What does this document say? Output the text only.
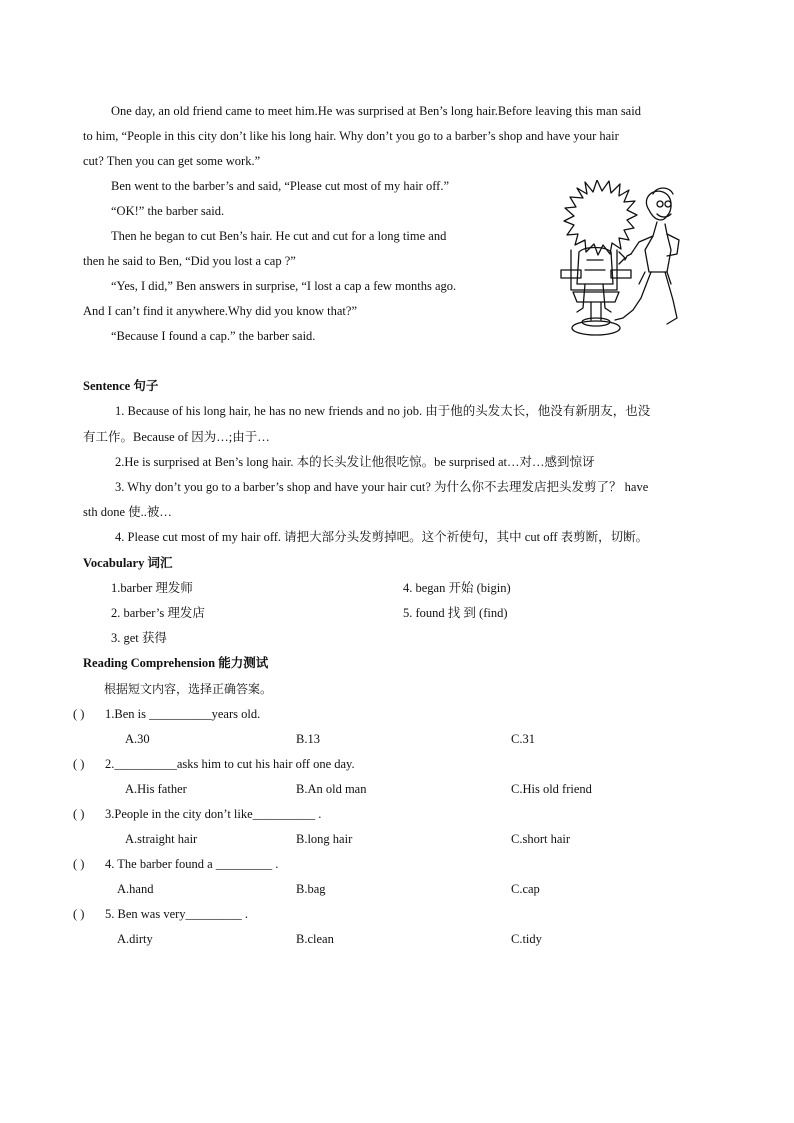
One day, an old friend came to meet him.He was surprised at Ben’s long hair.Before leaving this man said
to him, “People in this city don’t like his long hair. Why don’t you go to a barber’s shop and have your hair
cut? Then you can get some work.”
Ben went to the barber’s and said, “Please cut most of my hair off.”
“OK!” the barber said.
Then he began to cut Ben’s hair. He cut and cut for a long time and
then he said to Ben, “Did you lost a cap ?”
“Yes, I did,” Ben answers in surprise, “I lost a cap a few months ago.
And I can’t find it anywhere.Why did you know that?”
“Because I found a cap.” the barber said.
Sentence 句子
1. Because of his long hair, he has no new friends and no job. 由于他的头发太长，他没有新朋友，也没
有工作。Because of 因为…;由于…
2.He is surprised at Ben’s long hair. 本的长头发让他很吃惊。be surprised at…对…感到惊讶
3. Why don’t you go to a barber’s shop and have your hair cut? 为什么你不去理发店把头发剪了？ have
sth done 使..被…
4. Please cut most of my hair off. 请把大部分头发剪掉吧。这个祈使句，其中 cut off 表剪断，切断。
Vocabulary 词汇
1.barber 理发师
2. barber’s 理发店
3. get 获得
4. began 开始 (bigin)
5. found 找 到 (find)
Reading Comprehension 能力测试
根据短文内容，选择正确答案。
( ) 1.Ben is __________years old.
A.30	B.13	C.31
( ) 2.__________asks him to cut his hair off one day.
A.His father	B.An old man	C.His old friend
( ) 3.People in the city don’t like__________ .
A.straight hair	B.long hair	C.short hair
( ) 4. The barber found a _________ .
A.hand	B.bag	C.cap
( ) 5. Ben was very_________ .
A.dirty	B.clean	C.tidy
